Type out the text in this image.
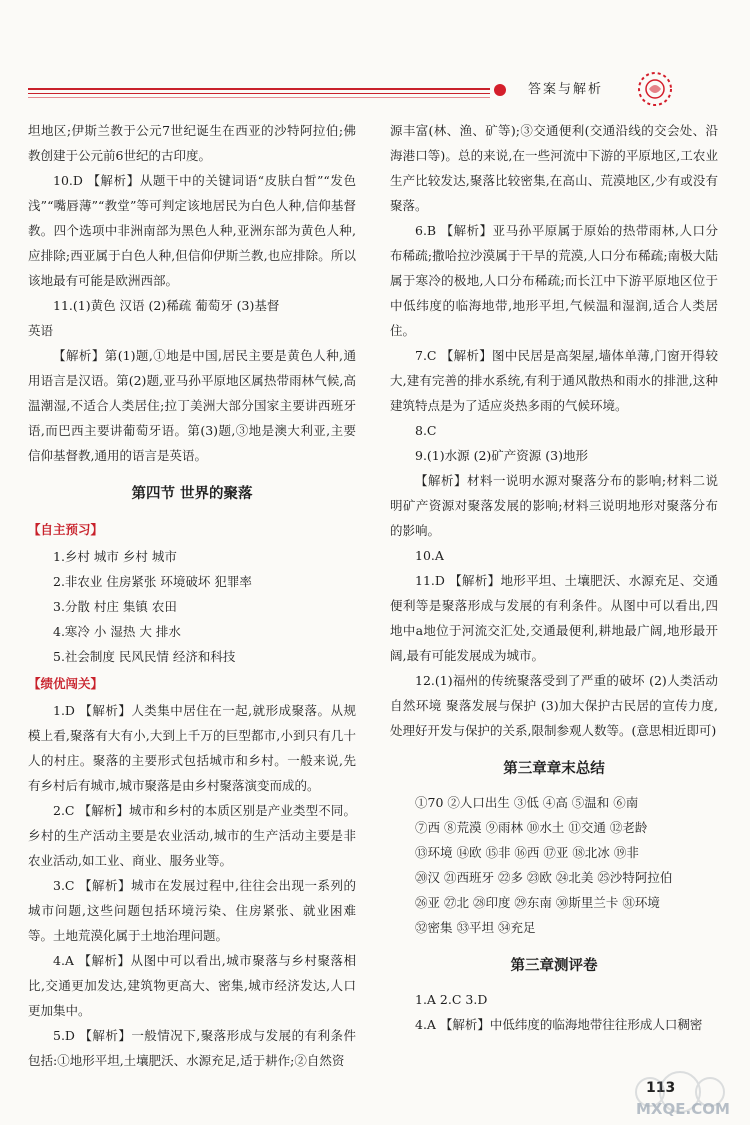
答案与解析

坦地区;伊斯兰教于公元7世纪诞生在西亚的沙特阿拉伯;佛教创建于公元前6世纪的古印度。

10.D 【解析】从题干中的关键词语“皮肤白皙”“发色浅”“嘴唇薄”“教堂”等可判定该地居民为白色人种,信仰基督教。四个选项中非洲南部为黑色人种,亚洲东部为黄色人种,应排除;西亚属于白色人种,但信仰伊斯兰教,也应排除。所以该地最有可能是欧洲西部。

11.(1)黄色 汉语 (2)稀疏 葡萄牙 (3)基督

英语

【解析】第(1)题,①地是中国,居民主要是黄色人种,通用语言是汉语。第(2)题,亚马孙平原地区属热带雨林气候,高温潮湿,不适合人类居住;拉丁美洲大部分国家主要讲西班牙语,而巴西主要讲葡萄牙语。第(3)题,③地是澳大利亚,主要信仰基督教,通用的语言是英语。

第四节 世界的聚落
【自主预习】

1.乡村 城市 乡村 城市

2.非农业 住房紧张 环境破坏 犯罪率

3.分散 村庄 集镇 农田

4.寒冷 小 湿热 大 排水

5.社会制度 民风民情 经济和科技

【绩优闯关】

1.D 【解析】人类集中居住在一起,就形成聚落。从规模上看,聚落有大有小,大到上千万的巨型都市,小到只有几十人的村庄。聚落的主要形式包括城市和乡村。一般来说,先有乡村后有城市,城市聚落是由乡村聚落演变而成的。

2.C 【解析】城市和乡村的本质区别是产业类型不同。乡村的生产活动主要是农业活动,城市的生产活动主要是非农业活动,如工业、商业、服务业等。

3.C 【解析】城市在发展过程中,往往会出现一系列的城市问题,这些问题包括环境污染、住房紧张、就业困难等。土地荒漠化属于土地治理问题。

4.A 【解析】从图中可以看出,城市聚落与乡村聚落相比,交通更加发达,建筑物更高大、密集,城市经济发达,人口更加集中。

5.D 【解析】一般情况下,聚落形成与发展的有利条件包括:①地形平坦,土壤肥沃、水源充足,适于耕作;②自然资

源丰富(林、渔、矿等);③交通便利(交通沿线的交会处、沿海港口等)。总的来说,在一些河流中下游的平原地区,工农业生产比较发达,聚落比较密集,在高山、荒漠地区,少有或没有聚落。

6.B 【解析】亚马孙平原属于原始的热带雨林,人口分布稀疏;撒哈拉沙漠属于干旱的荒漠,人口分布稀疏;南极大陆属于寒冷的极地,人口分布稀疏;而长江中下游平原地区位于中低纬度的临海地带,地形平坦,气候温和湿润,适合人类居住。

7.C 【解析】图中民居是高架屋,墙体单薄,门窗开得较大,建有完善的排水系统,有利于通风散热和雨水的排泄,这种建筑特点是为了适应炎热多雨的气候环境。

8.C

9.(1)水源 (2)矿产资源 (3)地形

【解析】材料一说明水源对聚落分布的影响;材料二说明矿产资源对聚落发展的影响;材料三说明地形对聚落分布的影响。

10.A

11.D 【解析】地形平坦、土壤肥沃、水源充足、交通便利等是聚落形成与发展的有利条件。从图中可以看出,四地中a地位于河流交汇处,交通最便利,耕地最广阔,地形最开阔,最有可能发展成为城市。

12.(1)福州的传统聚落受到了严重的破坏 (2)人类活动 自然环境 聚落发展与保护 (3)加大保护古民居的宣传力度,处理好开发与保护的关系,限制参观人数等。(意思相近即可)

第三章章末总结

①70 ②人口出生 ③低 ④高 ⑤温和 ⑥南

⑦西 ⑧荒漠 ⑨雨林 ⑩水土 ⑪交通 ⑫老龄

⑬环境 ⑭欧 ⑮非 ⑯西 ⑰亚 ⑱北冰 ⑲非

⑳汉 ㉑西班牙 ㉒多 ㉓欧 ㉔北美 ㉕沙特阿拉伯

㉖亚 ㉗北 ㉘印度 ㉙东南 ㉚斯里兰卡 ㉛环境

㉜密集 ㉝平坦 ㉞充足

第三章测评卷

1.A 2.C 3.D

4.A 【解析】中低纬度的临海地带往往形成人口稠密

113
MXQE.COM
